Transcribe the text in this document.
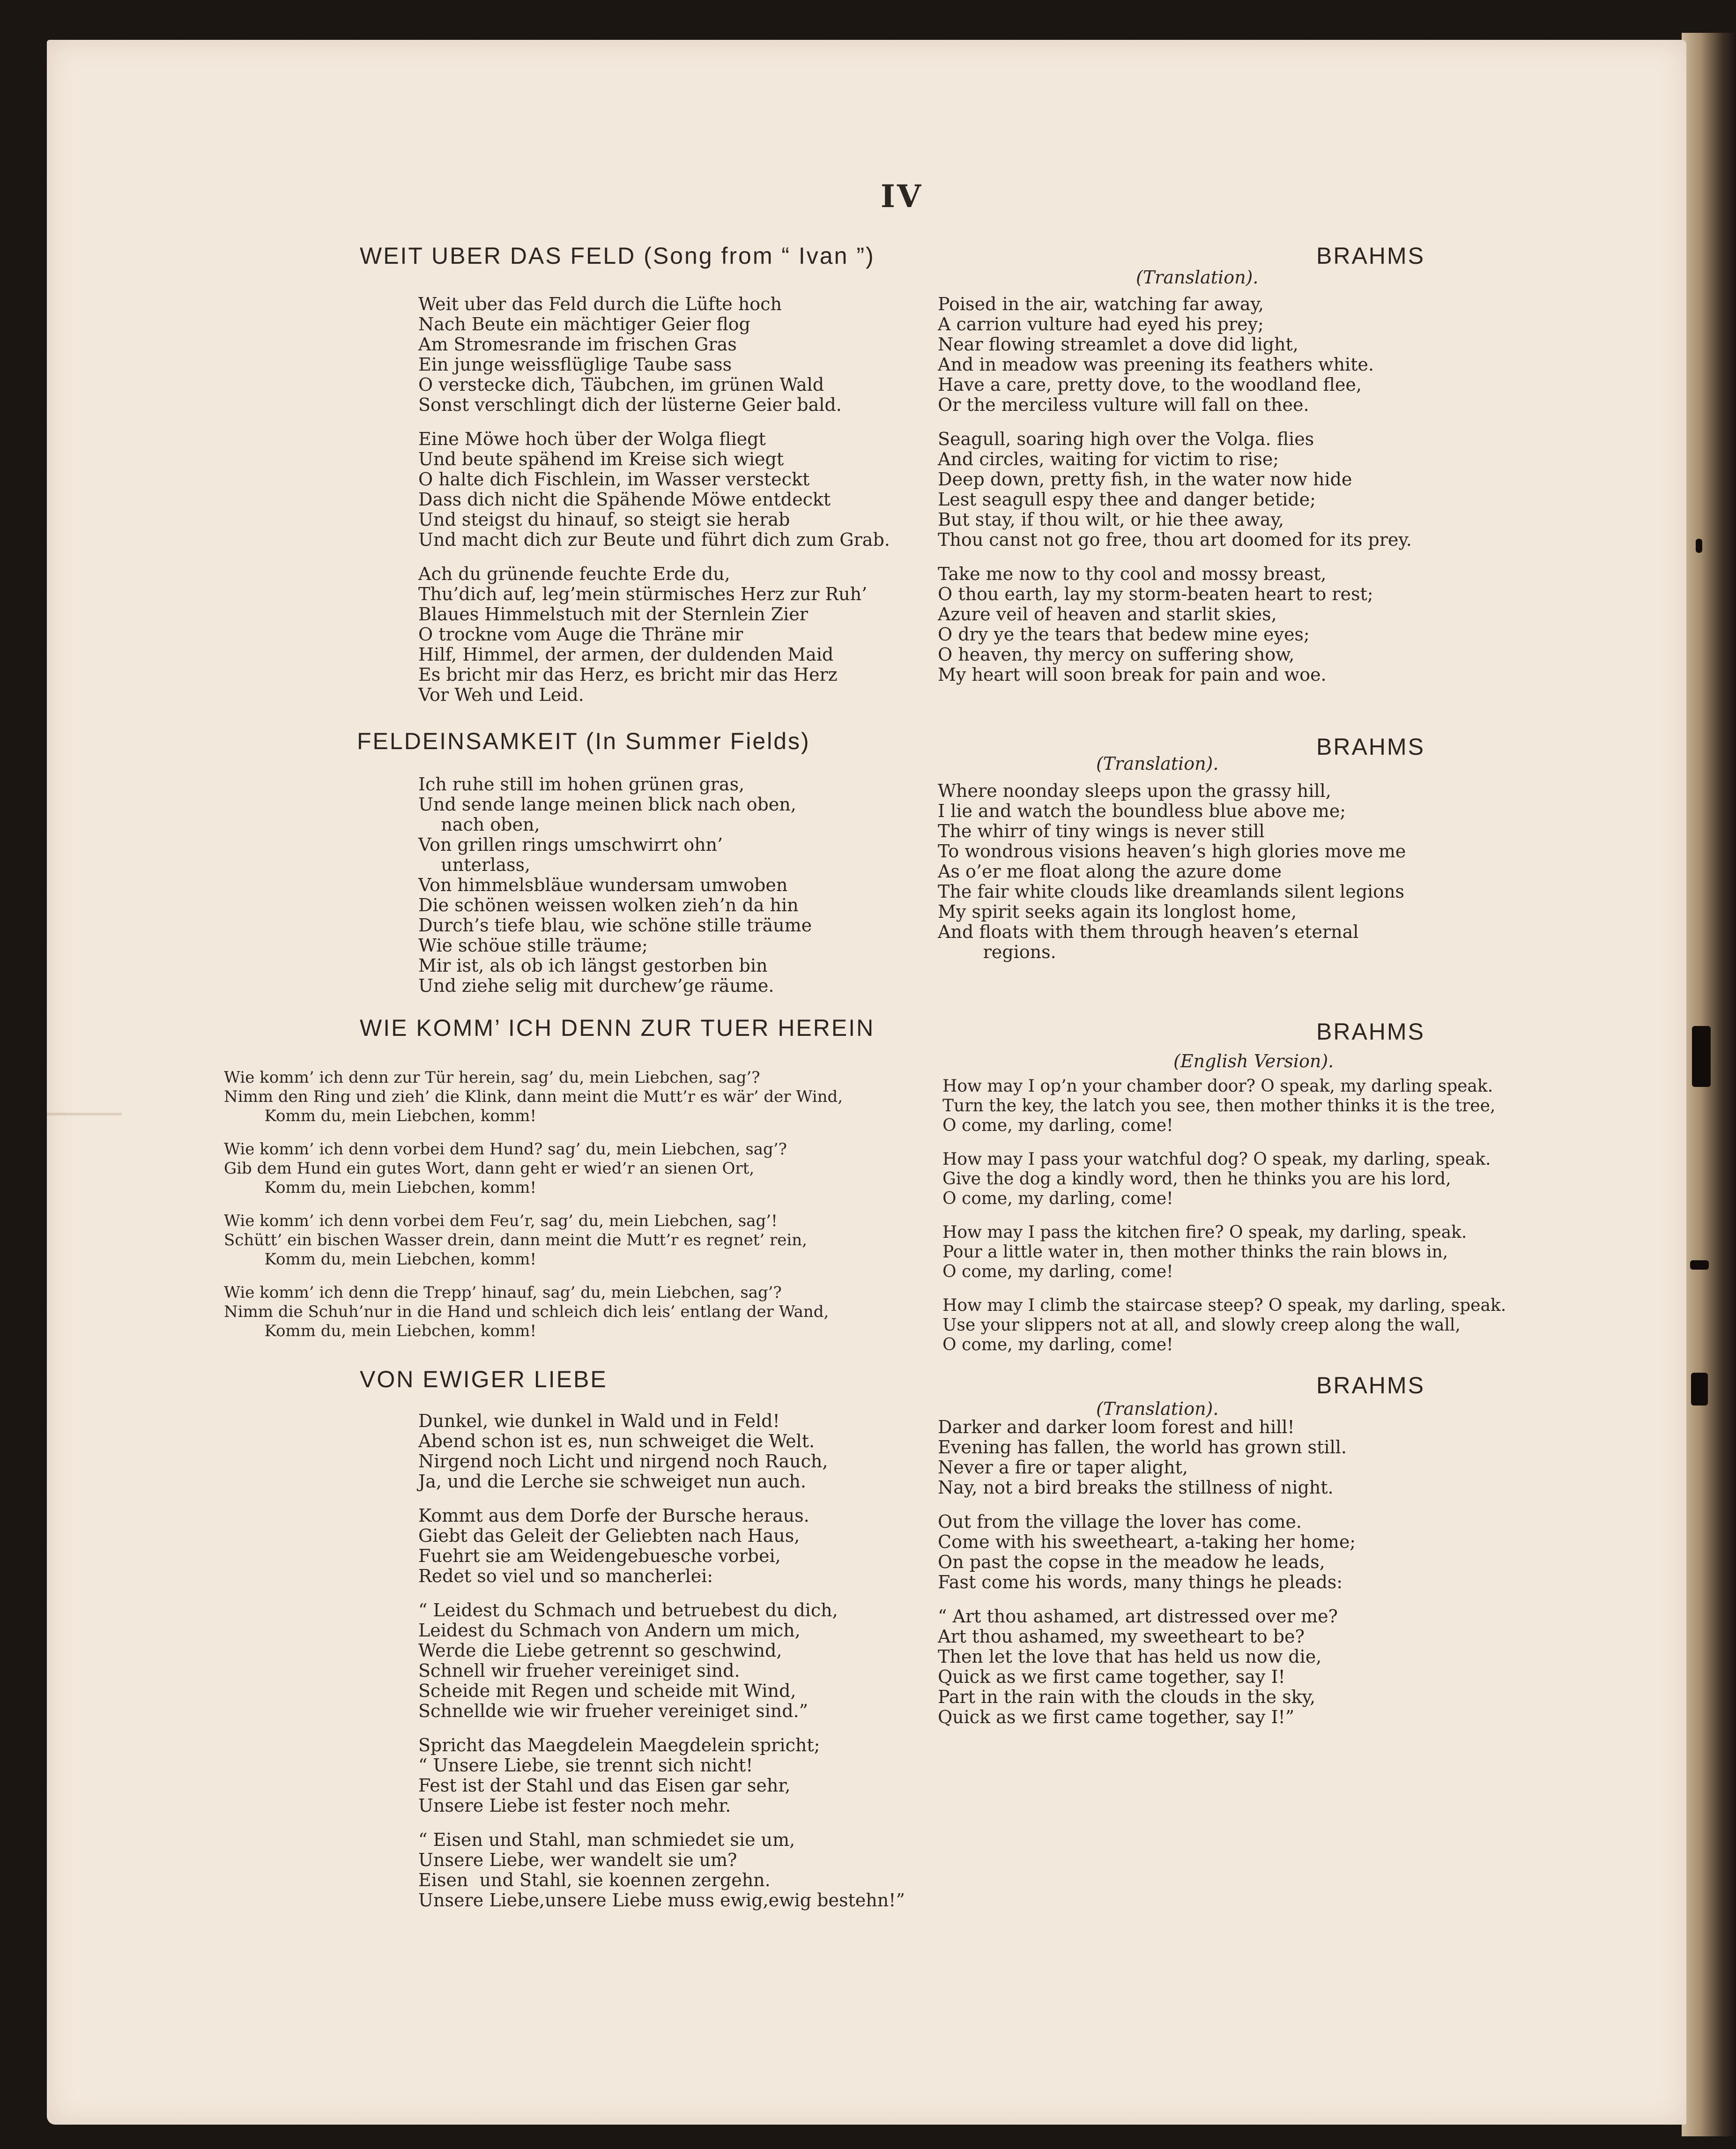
IV
WEIT UBER DAS FELD (Song from “ Ivan ”)	BRAHMS
(Translation).

Weit uber das Feld durch die Lüfte hoch

Nach Beute ein mächtiger Geier flog

Am Stromesrande im frischen Gras

Ein junge weissflüglige Taube sass

O verstecke dich, Täubchen, im grünen Wald

Sonst verschlingt dich der lüsterne Geier bald.

Eine Möwe hoch über der Wolga fliegt

Und beute spähend im Kreise sich wiegt

O halte dich Fischlein, im Wasser versteckt

Dass dich nicht die Spähende Möwe entdeckt

Und steigst du hinauf, so steigt sie herab

Und macht dich zur Beute und führt dich zum Grab.

Ach du grünende feuchte Erde du,

Thu’dich auf, leg’mein stürmisches Herz zur Ruh’

Blaues Himmelstuch mit der Sternlein Zier

O trockne vom Auge die Thräne mir

Hilf, Himmel, der armen, der duldenden Maid

Es bricht mir das Herz, es bricht mir das Herz

Vor Weh und Leid.

Poised in the air, watching far away,

A carrion vulture had eyed his prey;

Near flowing streamlet a dove did light,

And in meadow was preening its feathers white.

Have a care, pretty dove, to the woodland flee,

Or the merciless vulture will fall on thee.

Seagull, soaring high over the Volga. flies

And circles, waiting for victim to rise;

Deep down, pretty fish, in the water now hide

Lest seagull espy thee and danger betide;

But stay, if thou wilt, or hie thee away,

Thou canst not go free, thou art doomed for its prey.

Take me now to thy cool and mossy breast,

O thou earth, lay my storm-beaten heart to rest;

Azure veil of heaven and starlit skies,

O dry ye the tears that bedew mine eyes;

O heaven, thy mercy on suffering show,

My heart will soon break for pain and woe.

FELDEINSAMKEIT (In Summer Fields)	BRAHMS
(Translation).

Ich ruhe still im hohen grünen gras,

Und sende lange meinen blick nach oben,

nach oben,

Von grillen rings umschwirrt ohn’

unterlass,

Von himmelsbläue wundersam umwoben

Die schönen weissen wolken zieh’n da hin

Durch’s tiefe blau, wie schöne stille träume

Wie schöue stille träume;

Mir ist, als ob ich längst gestorben bin

Und ziehe selig mit durchew’ge räume.

Where noonday sleeps upon the grassy hill,

I lie and watch the boundless blue above me;

The whirr of tiny wings is never still

To wondrous visions heaven’s high glories move me

As o’er me float along the azure dome

The fair white clouds like dreamlands silent legions

My spirit seeks again its longlost home,

And floats with them through heaven’s eternal

regions.

WIE KOMM’ ICH DENN ZUR TUER HEREIN	BRAHMS
(English Version).

Wie komm’ ich denn zur Tür herein, sag’ du, mein Liebchen, sag’?

Nimm den Ring und zieh’ die Klink, dann meint die Mutt’r es wär’ der Wind,

Komm du, mein Liebchen, komm!

Wie komm’ ich denn vorbei dem Hund? sag’ du, mein Liebchen, sag’?

Gib dem Hund ein gutes Wort, dann geht er wied’r an sienen Ort,

Komm du, mein Liebchen, komm!

Wie komm’ ich denn vorbei dem Feu’r, sag’ du, mein Liebchen, sag’!

Schütt’ ein bischen Wasser drein, dann meint die Mutt’r es regnet’ rein,

Komm du, mein Liebchen, komm!

Wie komm’ ich denn die Trepp’ hinauf, sag’ du, mein Liebchen, sag’?

Nimm die Schuh’nur in die Hand und schleich dich leis’ entlang der Wand,

Komm du, mein Liebchen, komm!

How may I op’n your chamber door? O speak, my darling speak.

Turn the key, the latch you see, then mother thinks it is the tree,

O come, my darling, come!

How may I pass your watchful dog? O speak, my darling, speak.

Give the dog a kindly word, then he thinks you are his lord,

O come, my darling, come!

How may I pass the kitchen fire? O speak, my darling, speak.

Pour a little water in, then mother thinks the rain blows in,

O come, my darling, come!

How may I climb the staircase steep? O speak, my darling, speak.

Use your slippers not at all, and slowly creep along the wall,

O come, my darling, come!

VON EWIGER LIEBE	BRAHMS
(Translation).

Dunkel, wie dunkel in Wald und in Feld!

Abend schon ist es, nun schweiget die Welt.

Nirgend noch Licht und nirgend noch Rauch,

Ja, und die Lerche sie schweiget nun auch.

Kommt aus dem Dorfe der Bursche heraus.

Giebt das Geleit der Geliebten nach Haus,

Fuehrt sie am Weidengebuesche vorbei,

Redet so viel und so mancherlei:

“ Leidest du Schmach und betruebest du dich,

Leidest du Schmach von Andern um mich,

Werde die Liebe getrennt so geschwind,

Schnell wir frueher vereiniget sind.

Scheide mit Regen und scheide mit Wind,

Schnellde wie wir frueher vereiniget sind.”

Spricht das Maegdelein Maegdelein spricht;

“ Unsere Liebe, sie trennt sich nicht!

Fest ist der Stahl und das Eisen gar sehr,

Unsere Liebe ist fester noch mehr.

“ Eisen und Stahl, man schmiedet sie um,

Unsere Liebe, wer wandelt sie um?

Eisen  und Stahl, sie koennen zergehn.

Unsere Liebe,unsere Liebe muss ewig,ewig bestehn!”

Darker and darker loom forest and hill!

Evening has fallen, the world has grown still.

Never a fire or taper alight,

Nay, not a bird breaks the stillness of night.

Out from the village the lover has come.

Come with his sweetheart, a-taking her home;

On past the copse in the meadow he leads,

Fast come his words, many things he pleads:

“ Art thou ashamed, art distressed over me?

Art thou ashamed, my sweetheart to be?

Then let the love that has held us now die,

Quick as we first came together, say I!

Part in the rain with the clouds in the sky,

Quick as we first came together, say I!”
